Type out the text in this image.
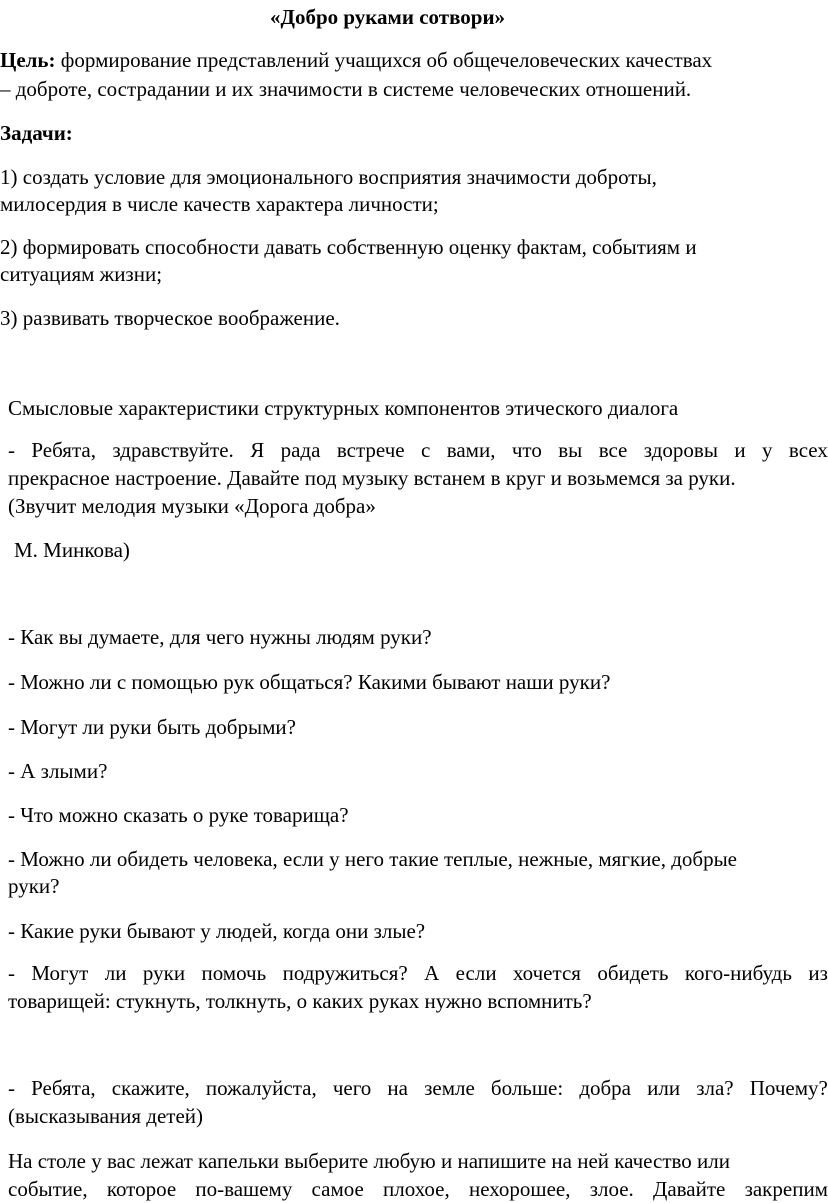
«Добро руками сотвори»
Цель: формирование представлений учащихся об общечеловеческих качествах
– доброте, сострадании и их значимости в системе человеческих отношений.
Задачи:
1) создать условие для эмоционального восприятия значимости доброты,
милосердия в числе качеств характера личности;
2) формировать способности давать собственную оценку фактам, событиям и
ситуациям жизни;
3) развивать творческое воображение.
Смысловые характеристики структурных компонентов этического диалога
- Ребята, здравствуйте. Я рада встрече с вами, что вы все здоровы и у всех
прекрасное настроение. Давайте под музыку встанем в круг и возьмемся за руки.
(Звучит мелодия музыки «Дорога добра»
М. Минкова)
- Как вы думаете, для чего нужны людям руки?
- Можно ли с помощью рук общаться? Какими бывают наши руки?
- Могут ли руки быть добрыми?
- А злыми?
- Что можно сказать о руке товарища?
- Можно ли обидеть человека, если у него такие теплые, нежные, мягкие, добрые
руки?
- Какие руки бывают у людей, когда они злые?
- Могут ли руки помочь подружиться? А если хочется обидеть кого-нибудь из
товарищей: стукнуть, толкнуть, о каких руках нужно вспомнить?
- Ребята, скажите, пожалуйста, чего на земле больше: добра или зла? Почему?
(высказывания детей)
На столе у вас лежат капельки выберите любую и напишите на ней качество или
событие, которое по-вашему самое плохое, нехорошее, злое. Давайте закрепим
